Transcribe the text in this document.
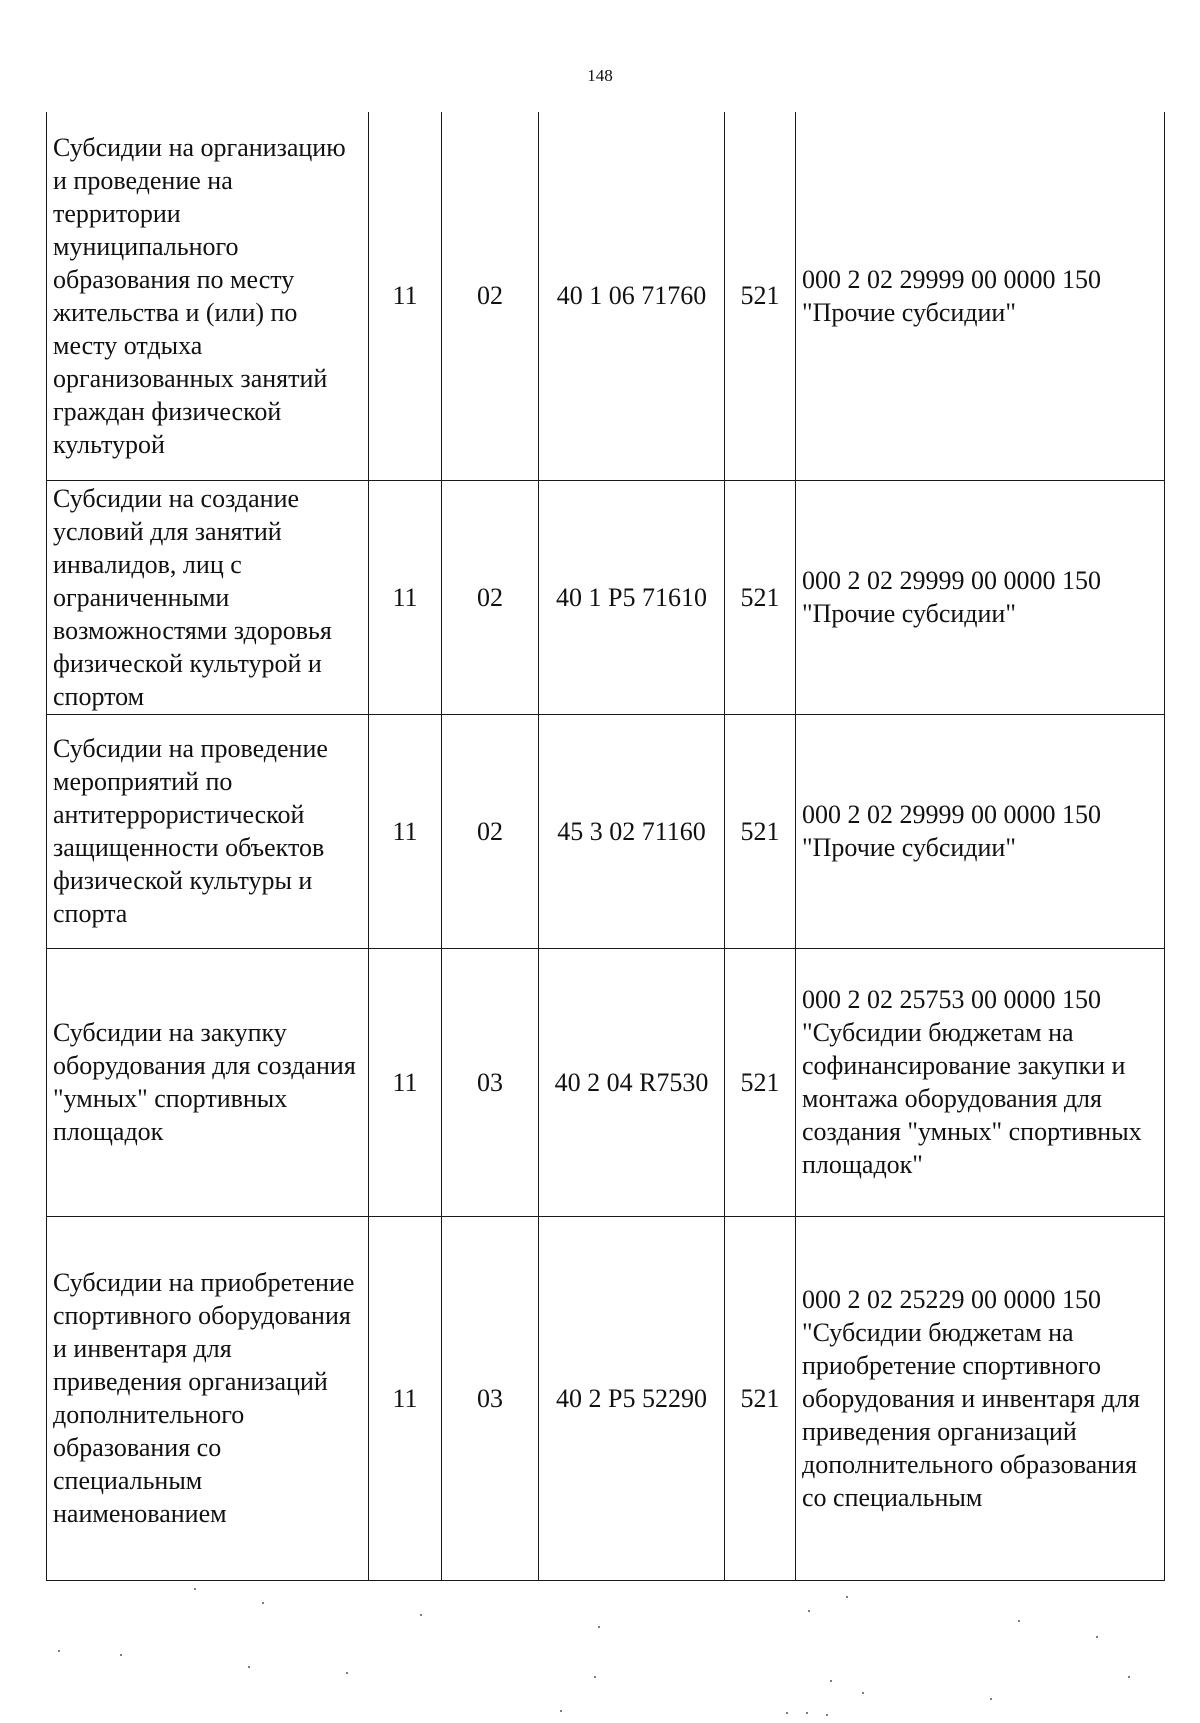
148
Субсидии на организацию и проведение на территории муниципального образования по месту жительства и (или) по месту отдыха организованных занятий граждан физической культурой	11	02	40 1 06 71760	521	000 2 02 29999 00 0000 150 "Прочие субсидии"
Субсидии на создание условий для занятий инвалидов, лиц с ограниченными возможностями здоровья физической культурой и спортом	11	02	40 1 P5 71610	521	000 2 02 29999 00 0000 150 "Прочие субсидии"
Субсидии на проведение мероприятий по антитеррористической защищенности объектов физической культуры и спорта	11	02	45 3 02 71160	521	000 2 02 29999 00 0000 150 "Прочие субсидии"
Субсидии на закупку оборудования для создания "умных" спортивных площадок	11	03	40 2 04 R7530	521	000 2 02 25753 00 0000 150 "Субсидии бюджетам на софинансирование закупки и монтажа оборудования для создания "умных" спортивных площадок"
Субсидии на приобретение спортивного оборудования и инвентаря для приведения организаций дополнительного образования со специальным наименованием	11	03	40 2 P5 52290	521	000 2 02 25229 00 0000 150 "Субсидии бюджетам на приобретение спортивного оборудования и инвентаря для приведения организаций дополнительного образования со специальным
